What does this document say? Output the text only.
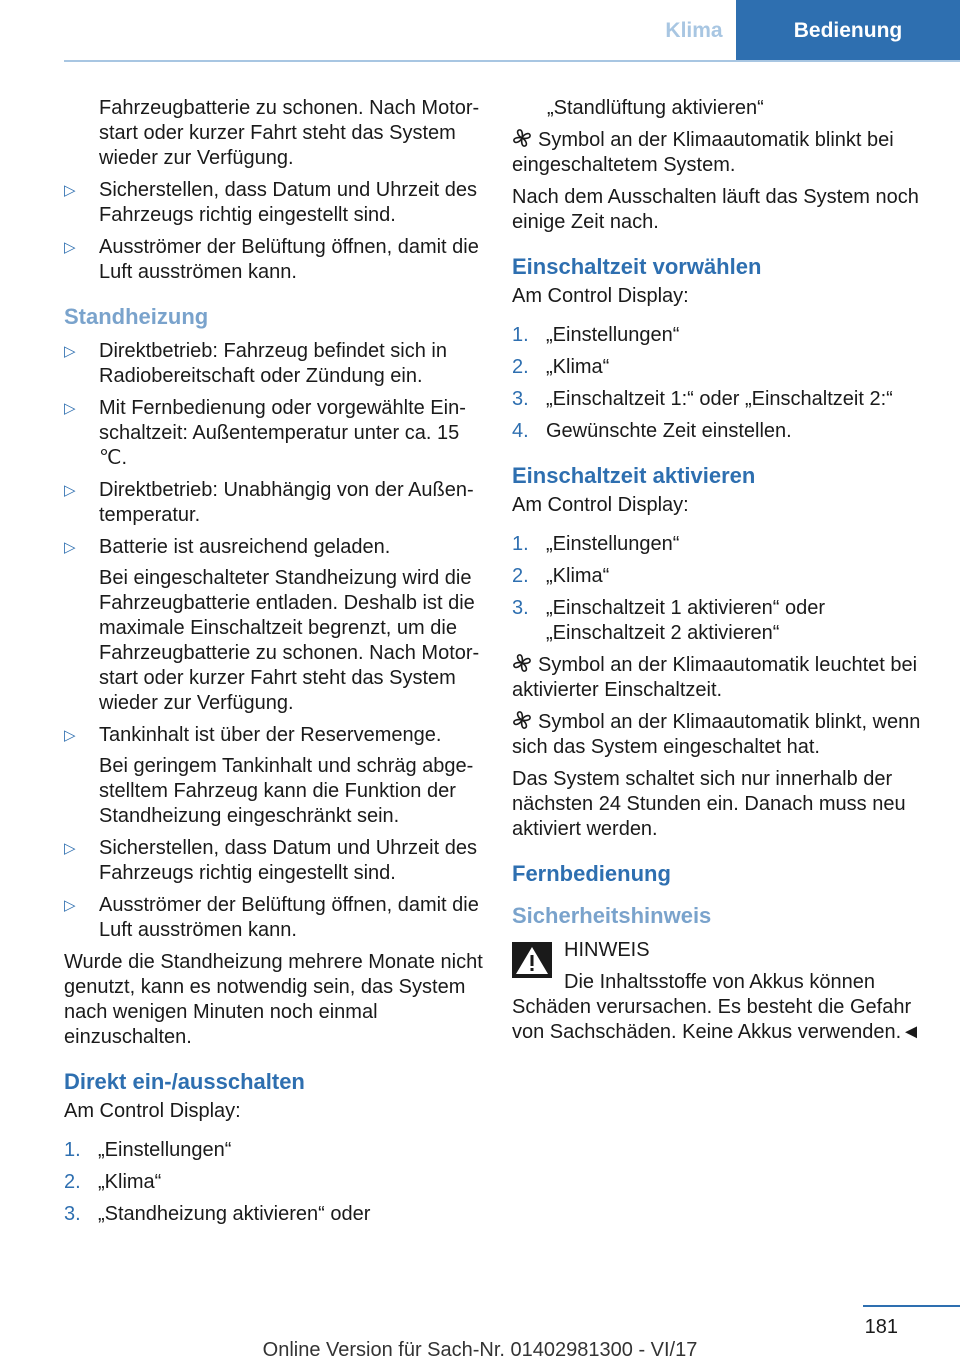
Klima	Bedienung

Fahrzeugbatterie zu schonen. Nach Motorstart oder kurzer Fahrt steht das System wieder zur Verfügung.

▷ Sicherstellen, dass Datum und Uhrzeit des Fahrzeugs richtig eingestellt sind.
▷ Ausströmer der Belüftung öffnen, damit die Luft ausströmen kann.
Standheizung
▷ Direktbetrieb: Fahrzeug befindet sich in Radiobereitschaft oder Zündung ein.
▷ Mit Fernbedienung oder vorgewählte Einschaltzeit: Außentemperatur unter ca. 15 ℃.
▷ Direktbetrieb: Unabhängig von der Außentemperatur.
▷ Batterie ist ausreichend geladen.
Bei eingeschalteter Standheizung wird die Fahrzeugbatterie entladen. Deshalb ist die maximale Einschaltzeit begrenzt, um die Fahrzeugbatterie zu schonen. Nach Motorstart oder kurzer Fahrt steht das System wieder zur Verfügung.
▷ Tankinhalt ist über der Reservemenge.
Bei geringem Tankinhalt und schräg abgestelltem Fahrzeug kann die Funktion der Standheizung eingeschränkt sein.
▷ Sicherstellen, dass Datum und Uhrzeit des Fahrzeugs richtig eingestellt sind.
▷ Ausströmer der Belüftung öffnen, damit die Luft ausströmen kann.

Wurde die Standheizung mehrere Monate nicht genutzt, kann es notwendig sein, das System nach wenigen Minuten noch einmal einzuschalten.

Direkt ein-/ausschalten

Am Control Display:

1. „Einstellungen“
2. „Klima“
3. „Standheizung aktivieren“ oder

„Standlüftung aktivieren“

Symbol an der Klimaautomatik blinkt bei eingeschaltetem System.

Nach dem Ausschalten läuft das System noch einige Zeit nach.

Einschaltzeit vorwählen

Am Control Display:

1. „Einstellungen“
2. „Klima“
3. „Einschaltzeit 1:“ oder „Einschaltzeit 2:“
4. Gewünschte Zeit einstellen.
Einschaltzeit aktivieren

Am Control Display:

1. „Einstellungen“
2. „Klima“
3. „Einschaltzeit 1 aktivieren“ oder „Einschaltzeit 2 aktivieren“

Symbol an der Klimaautomatik leuchtet bei aktivierter Einschaltzeit.

Symbol an der Klimaautomatik blinkt, wenn sich das System eingeschaltet hat.

Das System schaltet sich nur innerhalb der nächsten 24 Stunden ein. Danach muss neu aktiviert werden.

Fernbedienung
Sicherheitshinweis
HINWEIS
Die Inhaltsstoffe von Akkus können Schäden verursachen. Es besteht die Gefahr von Sachschäden. Keine Akkus verwenden.◄
181
Online Version für Sach-Nr. 01402981300 - VI/17
